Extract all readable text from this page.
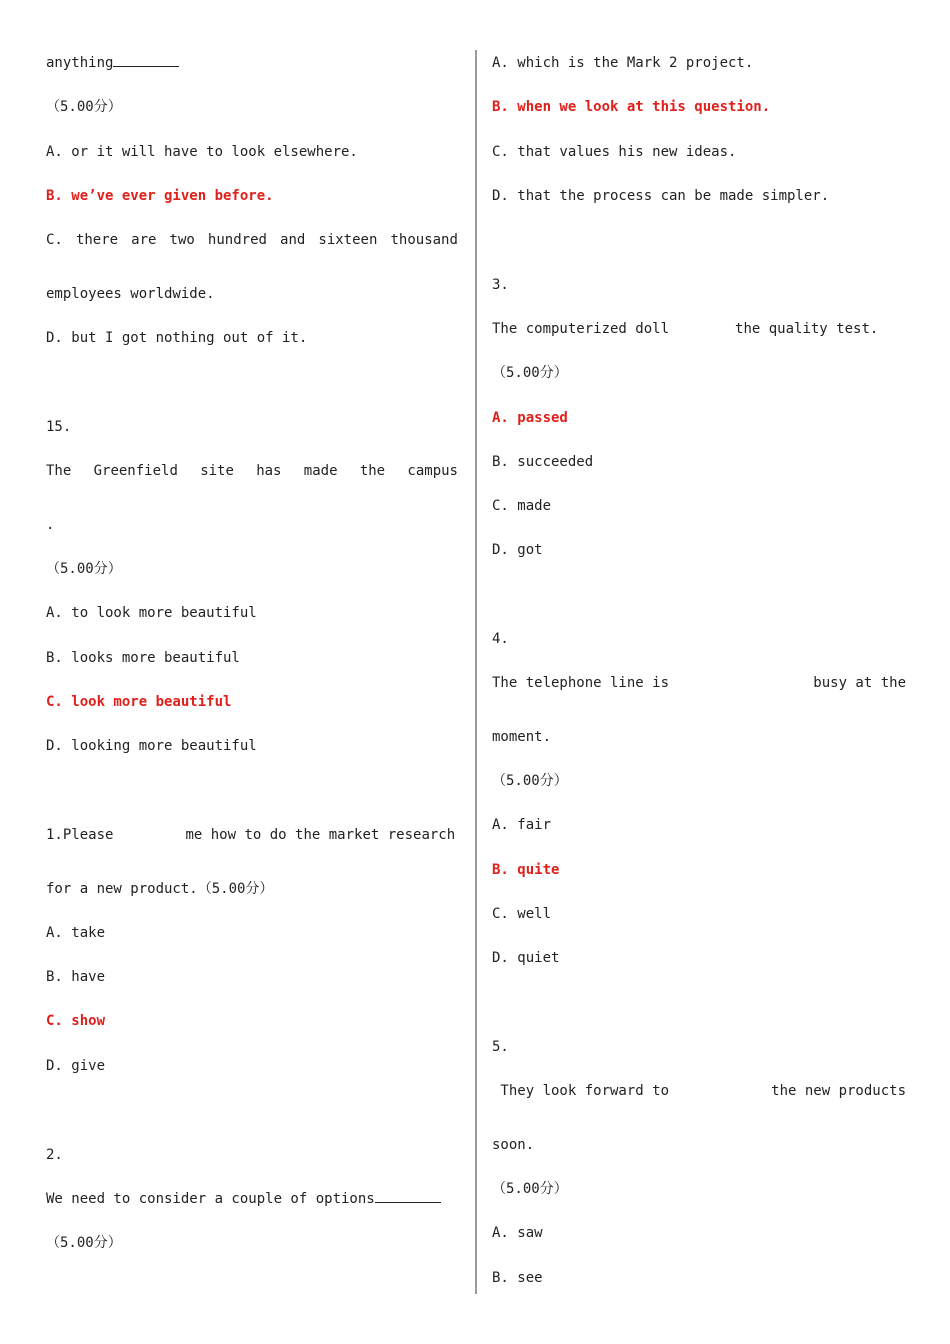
anything
（5.00分）
A. or it will have to look elsewhere.
B. we’ve ever given before.
C. there are two hundred and sixteen thousand
employees worldwide.
D. but I got nothing out of it.
15.
The Greenfield site has made the campus
.
（5.00分）
A. to look more beautiful
B. looks more beautiful
C. look more beautiful
D. looking more beautiful
1.Please	me how to do the market research
for a new product.（5.00分）
A. take
B. have
C. show
D. give
2.
We need to consider a couple of options
（5.00分）
A. which is the Mark 2 project.
B. when we look at this question.
C. that values his new ideas.
D. that the process can be made simpler.
3.
The computerized doll	the quality test.
（5.00分）
A. passed
B. succeeded
C. made
D. got
4.
The telephone line is	busy at the
moment.
（5.00分）
A. fair
B. quite
C. well
D. quiet
5.
They look forward to	the new products
soon.
（5.00分）
A. saw
B. see
